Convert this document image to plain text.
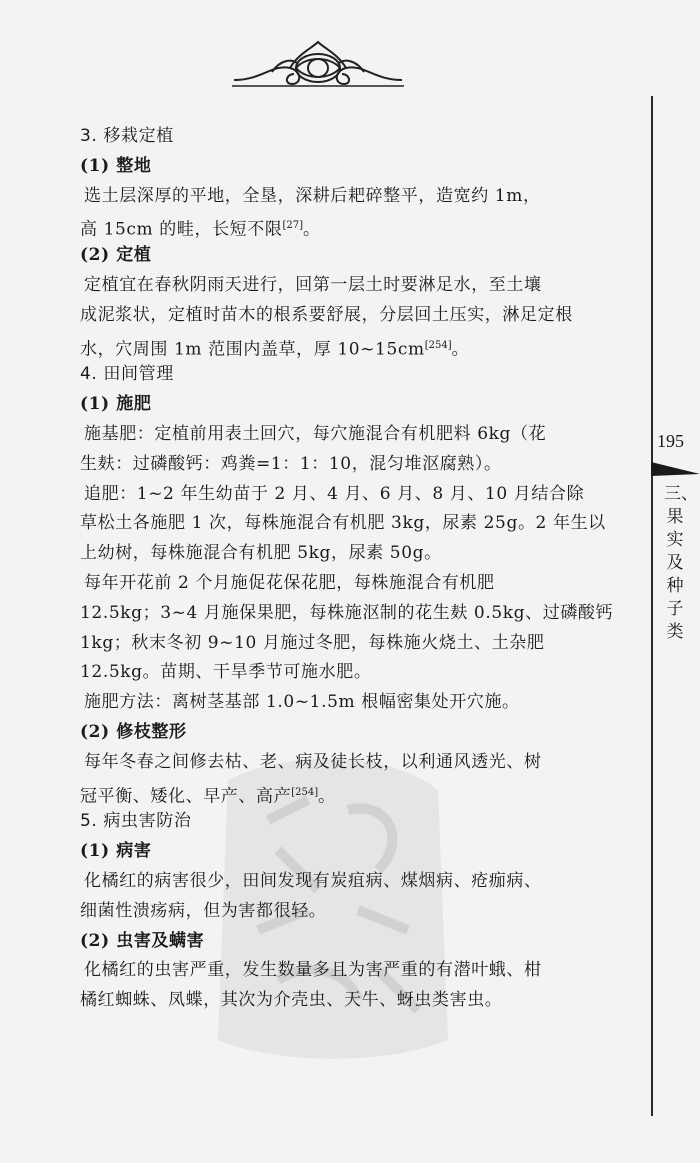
195
三、果实及种子类
3. 移栽定植
(1) 整地
选土层深厚的平地，全垦，深耕后耙碎整平，造宽约 1m，
高 15cm 的畦，长短不限[27]。
(2) 定植
定植宜在春秋阴雨天进行，回第一层土时要淋足水，至土壤
成泥浆状，定植时苗木的根系要舒展，分层回土压实，淋足定根
水，穴周围 1m 范围内盖草，厚 10~15cm[254]。
4. 田间管理
(1) 施肥
施基肥：定植前用表土回穴，每穴施混合有机肥料 6kg（花
生麸：过磷酸钙：鸡粪=1：1：10，混匀堆沤腐熟）。
追肥：1~2 年生幼苗于 2 月、4 月、6 月、8 月、10 月结合除
草松土各施肥 1 次，每株施混合有机肥 3kg，尿素 25g。2 年生以
上幼树，每株施混合有机肥 5kg，尿素 50g。
每年开花前 2 个月施促花保花肥，每株施混合有机肥
12.5kg；3~4 月施保果肥，每株施沤制的花生麸 0.5kg、过磷酸钙
1kg；秋末冬初 9~10 月施过冬肥，每株施火烧土、土杂肥
12.5kg。苗期、干旱季节可施水肥。
施肥方法：离树茎基部 1.0~1.5m 根幅密集处开穴施。
(2) 修枝整形
每年冬春之间修去枯、老、病及徒长枝，以利通风透光、树
冠平衡、矮化、早产、高产[254]。
5. 病虫害防治
(1) 病害
化橘红的病害很少，田间发现有炭疽病、煤烟病、疮痂病、
细菌性溃疡病，但为害都很轻。
(2) 虫害及螨害
化橘红的虫害严重，发生数量多且为害严重的有潜叶蛾、柑
橘红蜘蛛、凤蝶，其次为介壳虫、天牛、蚜虫类害虫。
